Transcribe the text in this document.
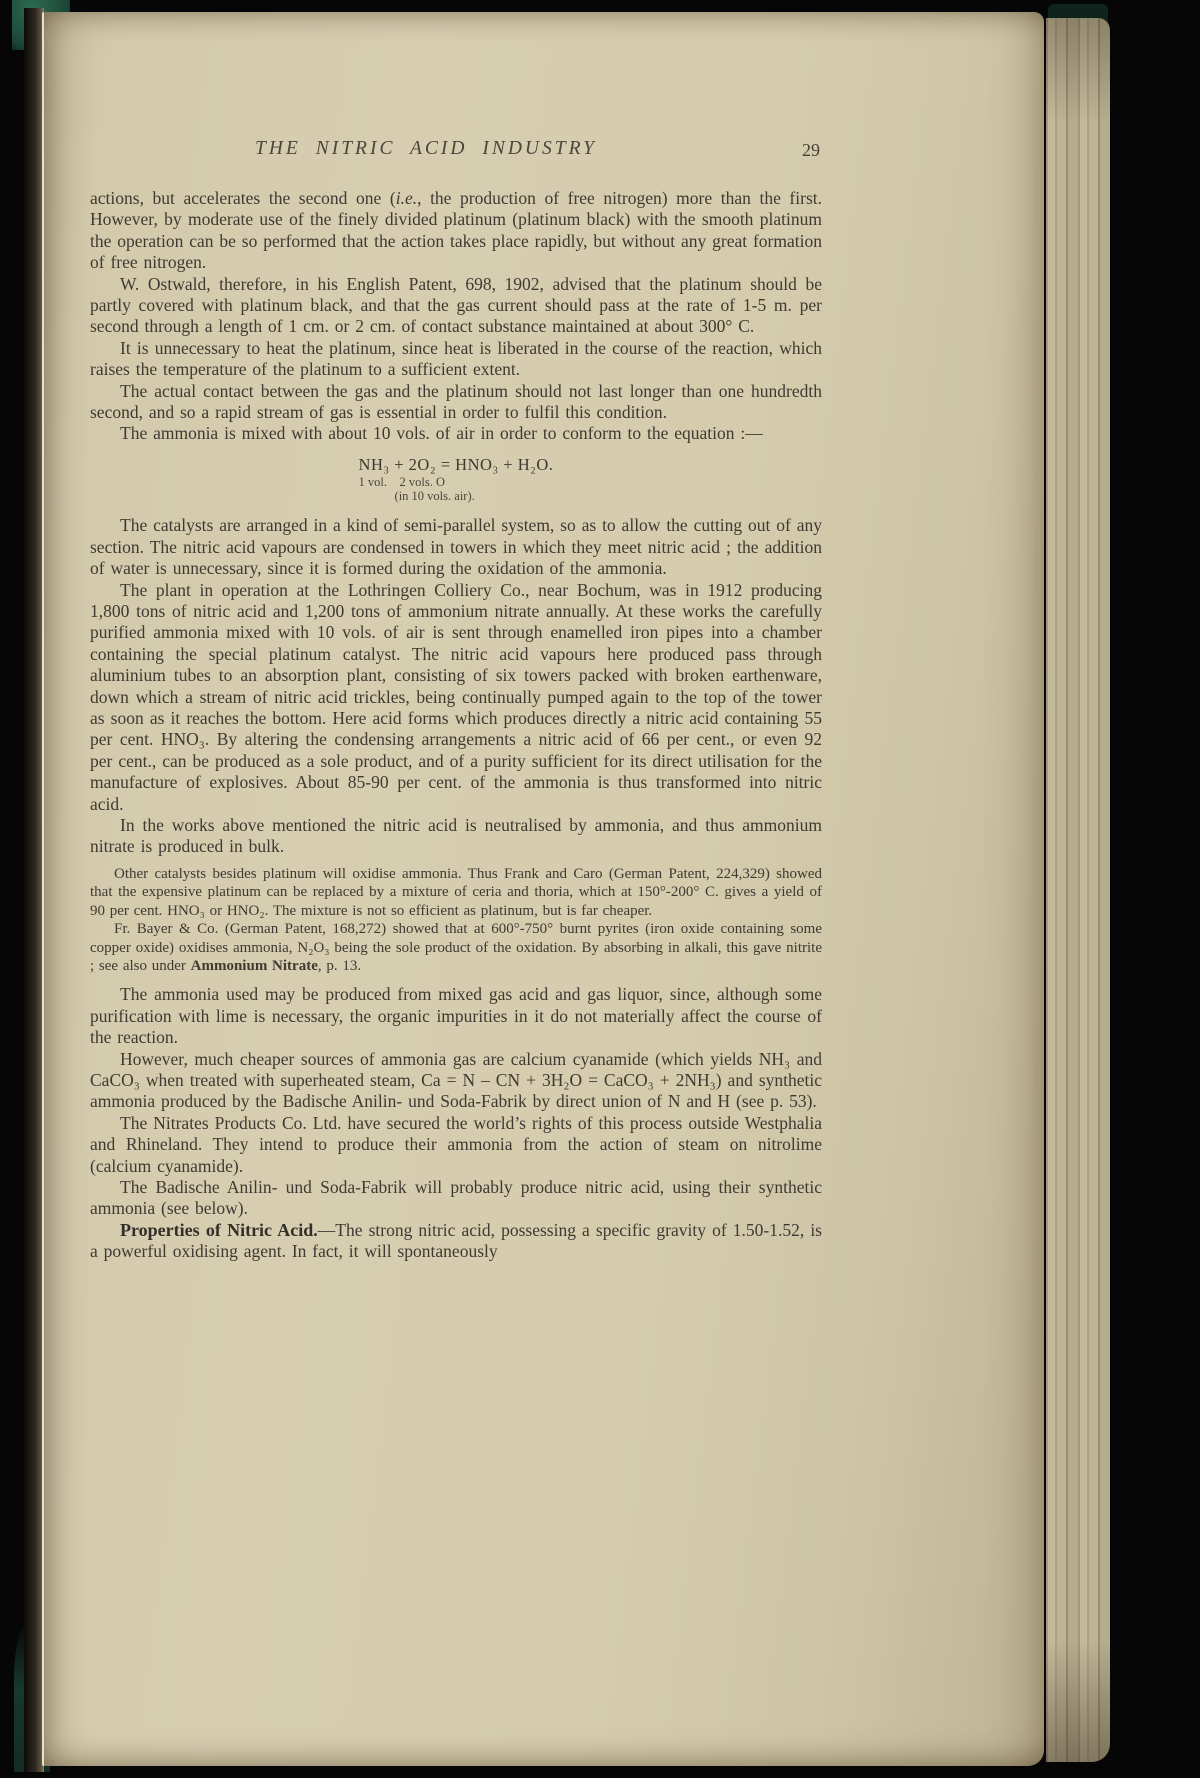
THE NITRIC ACID INDUSTRY	29

actions, but accelerates the second one (i.e., the production of free nitrogen) more than the first. However, by moderate use of the finely divided platinum (platinum black) with the smooth platinum the operation can be so performed that the action takes place rapidly, but without any great formation of free nitrogen.

W. Ostwald, therefore, in his English Patent, 698, 1902, advised that the platinum should be partly covered with platinum black, and that the gas current should pass at the rate of 1-5 m. per second through a length of 1 cm. or 2 cm. of contact substance maintained at about 300° C.

It is unnecessary to heat the platinum, since heat is liberated in the course of the reaction, which raises the temperature of the platinum to a sufficient extent.

The actual contact between the gas and the platinum should not last longer than one hundredth second, and so a rapid stream of gas is essential in order to fulfil this condition.

The ammonia is mixed with about 10 vols. of air in order to conform to the equation :—

NH₃ + 2O₂ = HNO₃ + H₂O.
1 vol.    2 vols. O
(in 10 vols. air).

The catalysts are arranged in a kind of semi-parallel system, so as to allow the cutting out of any section. The nitric acid vapours are condensed in towers in which they meet nitric acid ; the addition of water is unnecessary, since it is formed during the oxidation of the ammonia.

The plant in operation at the Lothringen Colliery Co., near Bochum, was in 1912 producing 1,800 tons of nitric acid and 1,200 tons of ammonium nitrate annually. At these works the carefully purified ammonia mixed with 10 vols. of air is sent through enamelled iron pipes into a chamber containing the special platinum catalyst. The nitric acid vapours here produced pass through aluminium tubes to an absorption plant, consisting of six towers packed with broken earthenware, down which a stream of nitric acid trickles, being continually pumped again to the top of the tower as soon as it reaches the bottom. Here acid forms which produces directly a nitric acid containing 55 per cent. HNO₃. By altering the condensing arrangements a nitric acid of 66 per cent., or even 92 per cent., can be produced as a sole product, and of a purity sufficient for its direct utilisation for the manufacture of explosives. About 85-90 per cent. of the ammonia is thus transformed into nitric acid.

In the works above mentioned the nitric acid is neutralised by ammonia, and thus ammonium nitrate is produced in bulk.

Other catalysts besides platinum will oxidise ammonia. Thus Frank and Caro (German Patent, 224,329) showed that the expensive platinum can be replaced by a mixture of ceria and thoria, which at 150°-200° C. gives a yield of 90 per cent. HNO₃ or HNO₂. The mixture is not so efficient as platinum, but is far cheaper.

Fr. Bayer & Co. (German Patent, 168,272) showed that at 600°-750° burnt pyrites (iron oxide containing some copper oxide) oxidises ammonia, N₂O₃ being the sole product of the oxidation. By absorbing in alkali, this gave nitrite ; see also under Ammonium Nitrate, p. 13.

The ammonia used may be produced from mixed gas acid and gas liquor, since, although some purification with lime is necessary, the organic impurities in it do not materially affect the course of the reaction.

However, much cheaper sources of ammonia gas are calcium cyanamide (which yields NH₃ and CaCO₃ when treated with superheated steam, Ca = N – CN + 3H₂O = CaCO₃ + 2NH₃) and synthetic ammonia produced by the Badische Anilin- und Soda-Fabrik by direct union of N and H (see p. 53).

The Nitrates Products Co. Ltd. have secured the world’s rights of this process outside Westphalia and Rhineland. They intend to produce their ammonia from the action of steam on nitrolime (calcium cyanamide).

The Badische Anilin- und Soda-Fabrik will probably produce nitric acid, using their synthetic ammonia (see below).

Properties of Nitric Acid.—The strong nitric acid, possessing a specific gravity of 1.50-1.52, is a powerful oxidising agent. In fact, it will spontaneously
